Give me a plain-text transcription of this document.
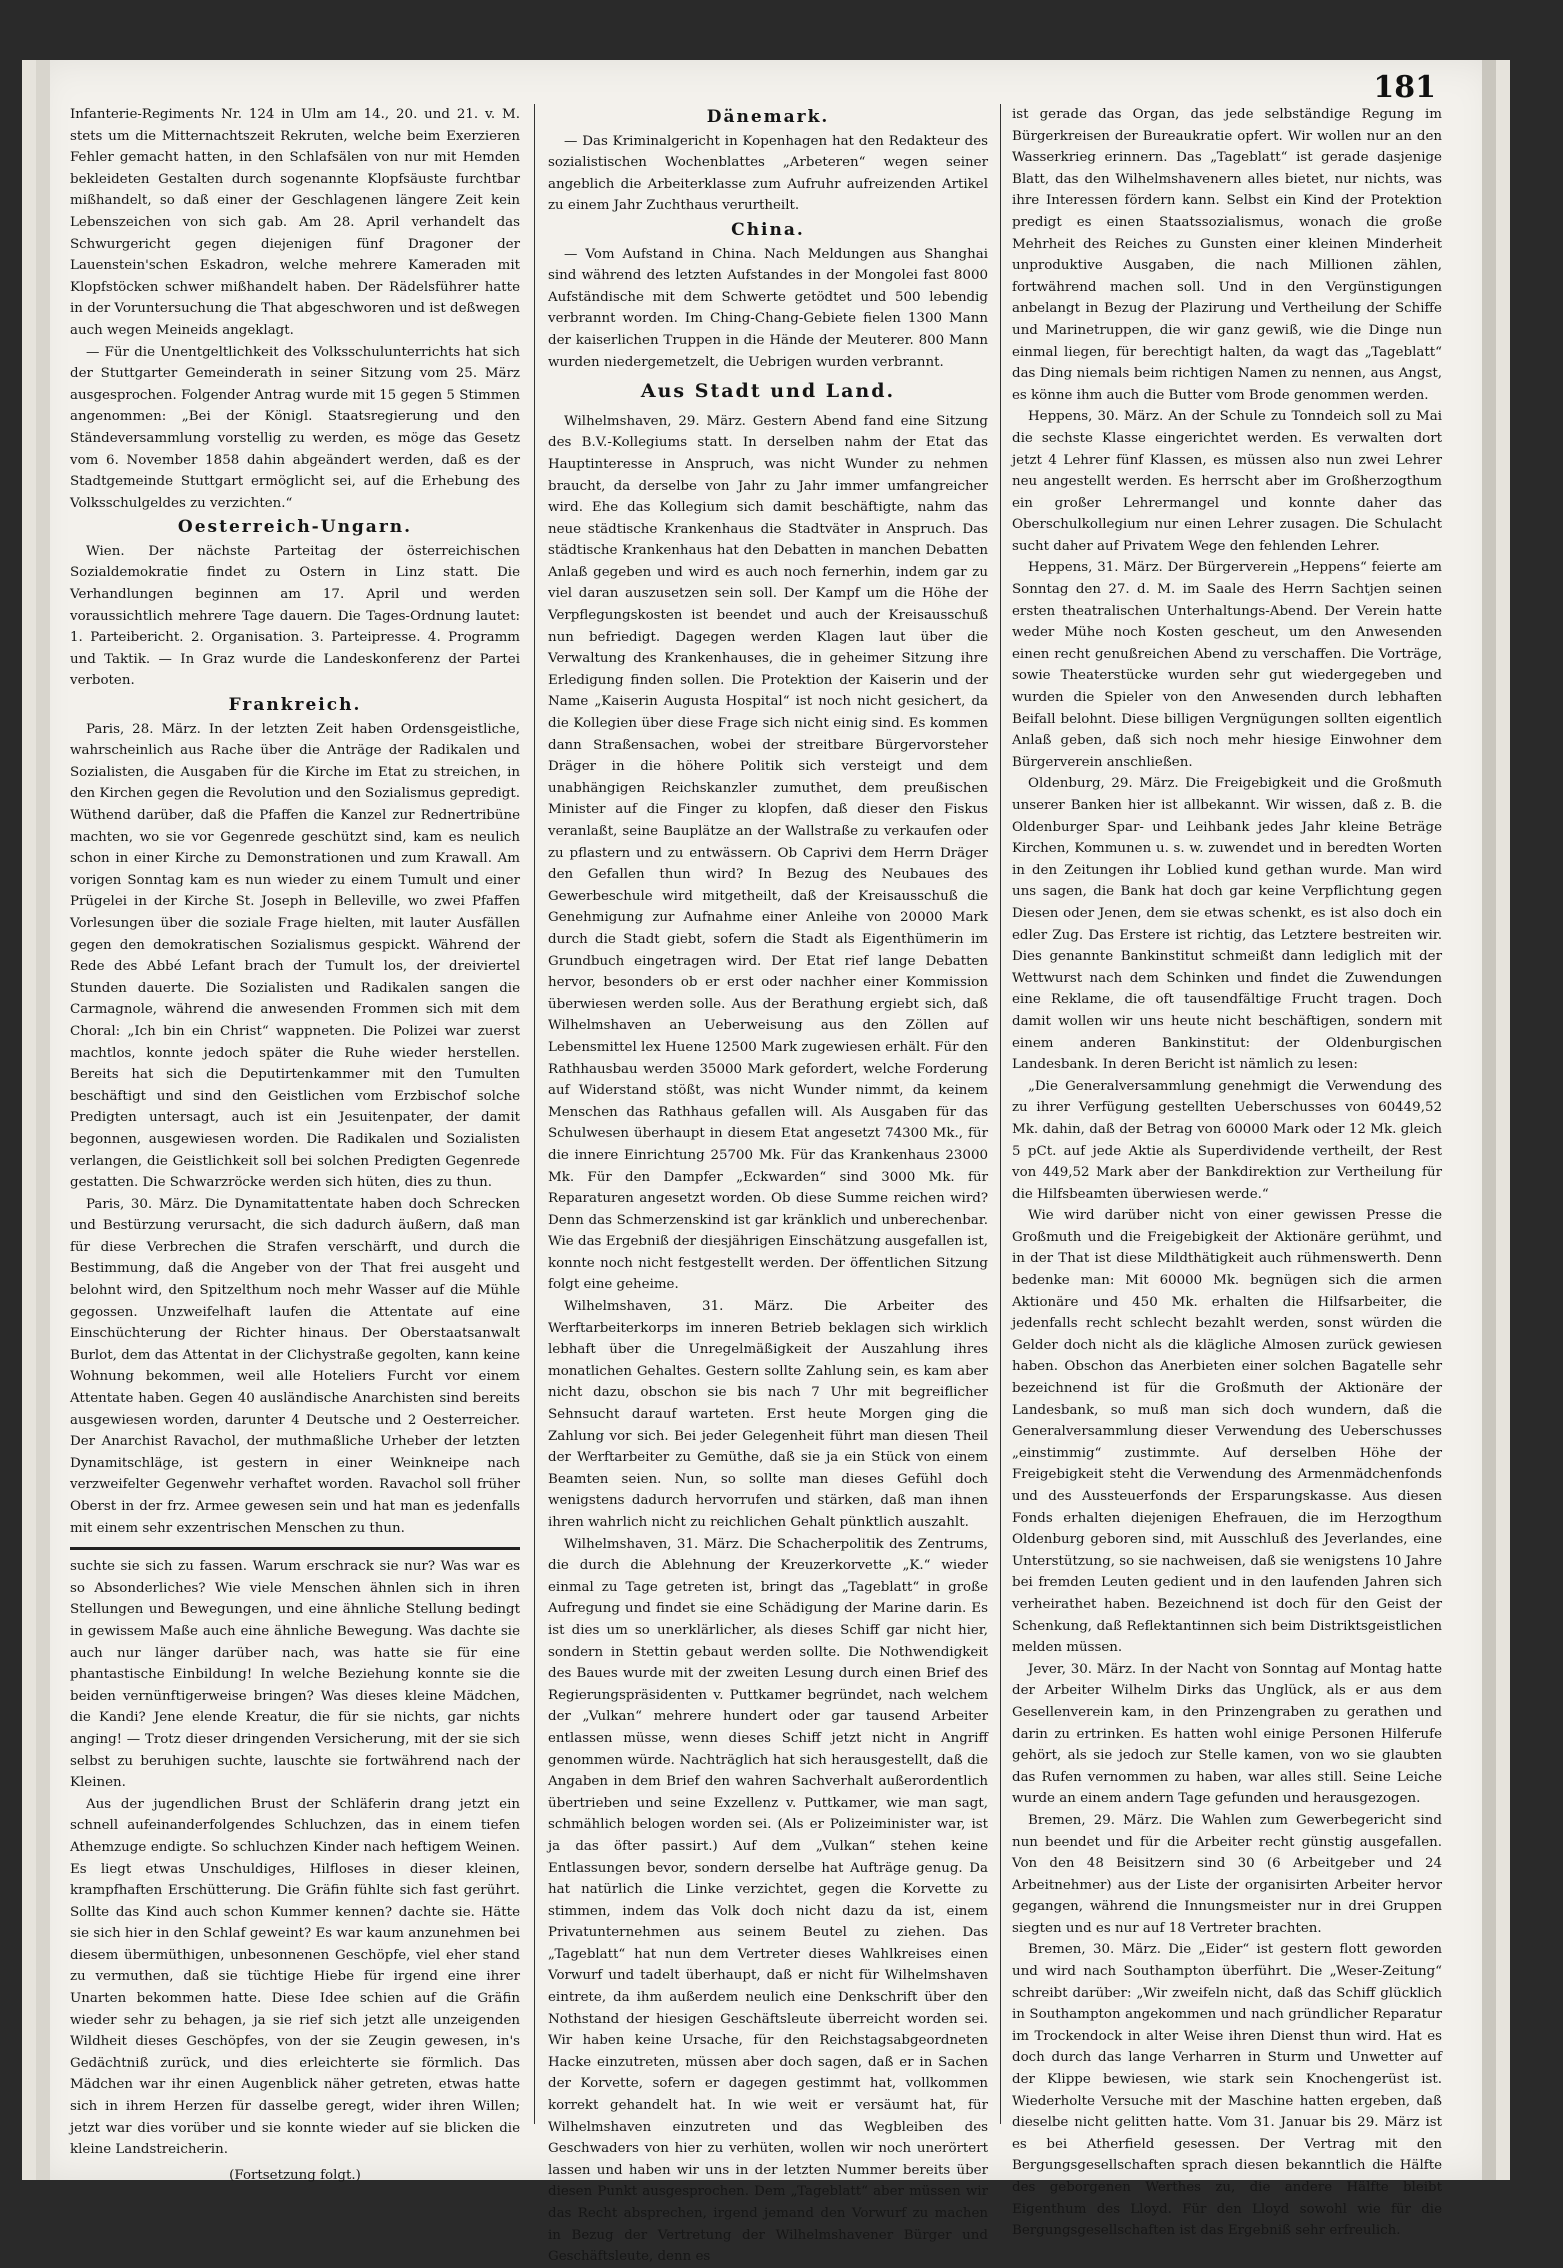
181

Infanterie-Regiments Nr. 124 in Ulm am 14., 20. und 21. v. M. stets um die Mitternachtszeit Rekruten, welche beim Exerzieren Fehler gemacht hatten, in den Schlafsälen von nur mit Hemden bekleideten Gestalten durch sogenannte Klopfsäuste furchtbar mißhandelt, so daß einer der Geschlagenen längere Zeit kein Lebenszeichen von sich gab. Am 28. April verhandelt das Schwurgericht gegen diejenigen fünf Dragoner der Lauenstein'schen Eskadron, welche mehrere Kameraden mit Klopfstöcken schwer mißhandelt haben. Der Rädelsführer hatte in der Voruntersuchung die That abgeschworen und ist deßwegen auch wegen Meineids angeklagt.

— Für die Unentgeltlichkeit des Volksschulunterrichts hat sich der Stuttgarter Gemeinderath in seiner Sitzung vom 25. März ausgesprochen. Folgender Antrag wurde mit 15 gegen 5 Stimmen angenommen: „Bei der Königl. Staatsregierung und den Ständeversammlung vorstellig zu werden, es möge das Gesetz vom 6. November 1858 dahin abgeändert werden, daß es der Stadtgemeinde Stuttgart ermöglicht sei, auf die Erhebung des Volksschulgeldes zu verzichten.“

Oesterreich-Ungarn.

Wien. Der nächste Parteitag der österreichischen Sozialdemokratie findet zu Ostern in Linz statt. Die Verhandlungen beginnen am 17. April und werden voraussichtlich mehrere Tage dauern. Die Tages-Ordnung lautet: 1. Parteibericht. 2. Organisation. 3. Parteipresse. 4. Programm und Taktik. — In Graz wurde die Landeskonferenz der Partei verboten.

Frankreich.

Paris, 28. März. In der letzten Zeit haben Ordensgeistliche, wahrscheinlich aus Rache über die Anträge der Radikalen und Sozialisten, die Ausgaben für die Kirche im Etat zu streichen, in den Kirchen gegen die Revolution und den Sozialismus gepredigt. Wüthend darüber, daß die Pfaffen die Kanzel zur Rednertribüne machten, wo sie vor Gegenrede geschützt sind, kam es neulich schon in einer Kirche zu Demonstrationen und zum Krawall. Am vorigen Sonntag kam es nun wieder zu einem Tumult und einer Prügelei in der Kirche St. Joseph in Belleville, wo zwei Pfaffen Vorlesungen über die soziale Frage hielten, mit lauter Ausfällen gegen den demokratischen Sozialismus gespickt. Während der Rede des Abbé Lefant brach der Tumult los, der dreiviertel Stunden dauerte. Die Sozialisten und Radikalen sangen die Carmagnole, während die anwesenden Frommen sich mit dem Choral: „Ich bin ein Christ“ wappneten. Die Polizei war zuerst machtlos, konnte jedoch später die Ruhe wieder herstellen. Bereits hat sich die Deputirtenkammer mit den Tumulten beschäftigt und sind den Geistlichen vom Erzbischof solche Predigten untersagt, auch ist ein Jesuitenpater, der damit begonnen, ausgewiesen worden. Die Radikalen und Sozialisten verlangen, die Geistlichkeit soll bei solchen Predigten Gegenrede gestatten. Die Schwarzröcke werden sich hüten, dies zu thun.

Paris, 30. März. Die Dynamitattentate haben doch Schrecken und Bestürzung verursacht, die sich dadurch äußern, daß man für diese Verbrechen die Strafen verschärft, und durch die Bestimmung, daß die Angeber von der That frei ausgeht und belohnt wird, den Spitzelthum noch mehr Wasser auf die Mühle gegossen. Unzweifelhaft laufen die Attentate auf eine Einschüchterung der Richter hinaus. Der Oberstaatsanwalt Burlot, dem das Attentat in der Clichystraße gegolten, kann keine Wohnung bekommen, weil alle Hoteliers Furcht vor einem Attentate haben. Gegen 40 ausländische Anarchisten sind bereits ausgewiesen worden, darunter 4 Deutsche und 2 Oesterreicher. Der Anarchist Ravachol, der muthmaßliche Urheber der letzten Dynamitschläge, ist gestern in einer Weinkneipe nach verzweifelter Gegenwehr verhaftet worden. Ravachol soll früher Oberst in der frz. Armee gewesen sein und hat man es jedenfalls mit einem sehr exzentrischen Menschen zu thun.

suchte sie sich zu fassen. Warum erschrack sie nur? Was war es so Absonderliches? Wie viele Menschen ähnlen sich in ihren Stellungen und Bewegungen, und eine ähnliche Stellung bedingt in gewissem Maße auch eine ähnliche Bewegung. Was dachte sie auch nur länger darüber nach, was hatte sie für eine phantastische Einbildung! In welche Beziehung konnte sie die beiden vernünftigerweise bringen? Was dieses kleine Mädchen, die Kandi? Jene elende Kreatur, die für sie nichts, gar nichts anging! — Trotz dieser dringenden Versicherung, mit der sie sich selbst zu beruhigen suchte, lauschte sie fortwährend nach der Kleinen.

Aus der jugendlichen Brust der Schläferin drang jetzt ein schnell aufeinanderfolgendes Schluchzen, das in einem tiefen Athemzuge endigte. So schluchzen Kinder nach heftigem Weinen. Es liegt etwas Unschuldiges, Hilfloses in dieser kleinen, krampfhaften Erschütterung. Die Gräfin fühlte sich fast gerührt. Sollte das Kind auch schon Kummer kennen? dachte sie. Hätte sie sich hier in den Schlaf geweint? Es war kaum anzunehmen bei diesem übermüthigen, unbesonnenen Geschöpfe, viel eher stand zu vermuthen, daß sie tüchtige Hiebe für irgend eine ihrer Unarten bekommen hatte. Diese Idee schien auf die Gräfin wieder sehr zu behagen, ja sie rief sich jetzt alle unzeigenden Wildheit dieses Geschöpfes, von der sie Zeugin gewesen, in's Gedächtniß zurück, und dies erleichterte sie förmlich. Das Mädchen war ihr einen Augenblick näher getreten, etwas hatte sich in ihrem Herzen für dasselbe geregt, wider ihren Willen; jetzt war dies vorüber und sie konnte wieder auf sie blicken die kleine Landstreicherin.

(Fortsetzung folgt.)
Dänemark.

— Das Kriminalgericht in Kopenhagen hat den Redakteur des sozialistischen Wochenblattes „Arbeteren“ wegen seiner angeblich die Arbeiterklasse zum Aufruhr aufreizenden Artikel zu einem Jahr Zuchthaus verurtheilt.

China.

— Vom Aufstand in China. Nach Meldungen aus Shanghai sind während des letzten Aufstandes in der Mongolei fast 8000 Aufständische mit dem Schwerte getödtet und 500 lebendig verbrannt worden. Im Ching-Chang-Gebiete fielen 1300 Mann der kaiserlichen Truppen in die Hände der Meuterer. 800 Mann wurden niedergemetzelt, die Uebrigen wurden verbrannt.

Aus Stadt und Land.

Wilhelmshaven, 29. März. Gestern Abend fand eine Sitzung des B.V.-Kollegiums statt. In derselben nahm der Etat das Hauptinteresse in Anspruch, was nicht Wunder zu nehmen braucht, da derselbe von Jahr zu Jahr immer umfangreicher wird. Ehe das Kollegium sich damit beschäftigte, nahm das neue städtische Krankenhaus die Stadtväter in Anspruch. Das städtische Krankenhaus hat den Debatten in manchen Debatten Anlaß gegeben und wird es auch noch fernerhin, indem gar zu viel daran auszusetzen sein soll. Der Kampf um die Höhe der Verpflegungskosten ist beendet und auch der Kreisausschuß nun befriedigt. Dagegen werden Klagen laut über die Verwaltung des Krankenhauses, die in geheimer Sitzung ihre Erledigung finden sollen. Die Protektion der Kaiserin und der Name „Kaiserin Augusta Hospital“ ist noch nicht gesichert, da die Kollegien über diese Frage sich nicht einig sind. Es kommen dann Straßensachen, wobei der streitbare Bürgervorsteher Dräger in die höhere Politik sich versteigt und dem unabhängigen Reichskanzler zumuthet, dem preußischen Minister auf die Finger zu klopfen, daß dieser den Fiskus veranlaßt, seine Bauplätze an der Wallstraße zu verkaufen oder zu pflastern und zu entwässern. Ob Caprivi dem Herrn Dräger den Gefallen thun wird? In Bezug des Neubaues des Gewerbeschule wird mitgetheilt, daß der Kreisausschuß die Genehmigung zur Aufnahme einer Anleihe von 20000 Mark durch die Stadt giebt, sofern die Stadt als Eigenthümerin im Grundbuch eingetragen wird. Der Etat rief lange Debatten hervor, besonders ob er erst oder nachher einer Kommission überwiesen werden solle. Aus der Berathung ergiebt sich, daß Wilhelmshaven an Ueberweisung aus den Zöllen auf Lebensmittel lex Huene 12500 Mark zugewiesen erhält. Für den Rathhausbau werden 35000 Mark gefordert, welche Forderung auf Widerstand stößt, was nicht Wunder nimmt, da keinem Menschen das Rathhaus gefallen will. Als Ausgaben für das Schulwesen überhaupt in diesem Etat angesetzt 74300 Mk., für die innere Einrichtung 25700 Mk. Für das Krankenhaus 23000 Mk. Für den Dampfer „Eckwarden“ sind 3000 Mk. für Reparaturen angesetzt worden. Ob diese Summe reichen wird? Denn das Schmerzenskind ist gar kränklich und unberechenbar. Wie das Ergebniß der diesjährigen Einschätzung ausgefallen ist, konnte noch nicht festgestellt werden. Der öffentlichen Sitzung folgt eine geheime.

Wilhelmshaven, 31. März. Die Arbeiter des Werftarbeiterkorps im inneren Betrieb beklagen sich wirklich lebhaft über die Unregelmäßigkeit der Auszahlung ihres monatlichen Gehaltes. Gestern sollte Zahlung sein, es kam aber nicht dazu, obschon sie bis nach 7 Uhr mit begreiflicher Sehnsucht darauf warteten. Erst heute Morgen ging die Zahlung vor sich. Bei jeder Gelegenheit führt man diesen Theil der Werftarbeiter zu Gemüthe, daß sie ja ein Stück von einem Beamten seien. Nun, so sollte man dieses Gefühl doch wenigstens dadurch hervorrufen und stärken, daß man ihnen ihren wahrlich nicht zu reichlichen Gehalt pünktlich auszahlt.

Wilhelmshaven, 31. März. Die Schacherpolitik des Zentrums, die durch die Ablehnung der Kreuzerkorvette „K.“ wieder einmal zu Tage getreten ist, bringt das „Tageblatt“ in große Aufregung und findet sie eine Schädigung der Marine darin. Es ist dies um so unerklärlicher, als dieses Schiff gar nicht hier, sondern in Stettin gebaut werden sollte. Die Nothwendigkeit des Baues wurde mit der zweiten Lesung durch einen Brief des Regierungspräsidenten v. Puttkamer begründet, nach welchem der „Vulkan“ mehrere hundert oder gar tausend Arbeiter entlassen müsse, wenn dieses Schiff jetzt nicht in Angriff genommen würde. Nachträglich hat sich herausgestellt, daß die Angaben in dem Brief den wahren Sachverhalt außerordentlich übertrieben und seine Exzellenz v. Puttkamer, wie man sagt, schmählich belogen worden sei. (Als er Polizeiminister war, ist ja das öfter passirt.) Auf dem „Vulkan“ stehen keine Entlassungen bevor, sondern derselbe hat Aufträge genug. Da hat natürlich die Linke verzichtet, gegen die Korvette zu stimmen, indem das Volk doch nicht dazu da ist, einem Privatunternehmen aus seinem Beutel zu ziehen. Das „Tageblatt“ hat nun dem Vertreter dieses Wahlkreises einen Vorwurf und tadelt überhaupt, daß er nicht für Wilhelmshaven eintrete, da ihm außerdem neulich eine Denkschrift über den Nothstand der hiesigen Geschäftsleute überreicht worden sei. Wir haben keine Ursache, für den Reichstagsabgeordneten Hacke einzutreten, müssen aber doch sagen, daß er in Sachen der Korvette, sofern er dagegen gestimmt hat, vollkommen korrekt gehandelt hat. In wie weit er versäumt hat, für Wilhelmshaven einzutreten und das Wegbleiben des Geschwaders von hier zu verhüten, wollen wir noch unerörtert lassen und haben wir uns in der letzten Nummer bereits über diesen Punkt ausgesprochen. Dem „Tageblatt“ aber müssen wir das Recht absprechen, irgend jemand den Vorwurf zu machen in Bezug der Vertretung der Wilhelmshavener Bürger und Geschäftsleute, denn es

ist gerade das Organ, das jede selbständige Regung im Bürgerkreisen der Bureaukratie opfert. Wir wollen nur an den Wasserkrieg erinnern. Das „Tageblatt“ ist gerade dasjenige Blatt, das den Wilhelmshavenern alles bietet, nur nichts, was ihre Interessen fördern kann. Selbst ein Kind der Protektion predigt es einen Staatssozialismus, wonach die große Mehrheit des Reiches zu Gunsten einer kleinen Minderheit unproduktive Ausgaben, die nach Millionen zählen, fortwährend machen soll. Und in den Vergünstigungen anbelangt in Bezug der Plazirung und Vertheilung der Schiffe und Marinetruppen, die wir ganz gewiß, wie die Dinge nun einmal liegen, für berechtigt halten, da wagt das „Tageblatt“ das Ding niemals beim richtigen Namen zu nennen, aus Angst, es könne ihm auch die Butter vom Brode genommen werden.

Heppens, 30. März. An der Schule zu Tonndeich soll zu Mai die sechste Klasse eingerichtet werden. Es verwalten dort jetzt 4 Lehrer fünf Klassen, es müssen also nun zwei Lehrer neu angestellt werden. Es herrscht aber im Großherzogthum ein großer Lehrermangel und konnte daher das Oberschulkollegium nur einen Lehrer zusagen. Die Schulacht sucht daher auf Privatem Wege den fehlenden Lehrer.

Heppens, 31. März. Der Bürgerverein „Heppens“ feierte am Sonntag den 27. d. M. im Saale des Herrn Sachtjen seinen ersten theatralischen Unterhaltungs-Abend. Der Verein hatte weder Mühe noch Kosten gescheut, um den Anwesenden einen recht genußreichen Abend zu verschaffen. Die Vorträge, sowie Theaterstücke wurden sehr gut wiedergegeben und wurden die Spieler von den Anwesenden durch lebhaften Beifall belohnt. Diese billigen Vergnügungen sollten eigentlich Anlaß geben, daß sich noch mehr hiesige Einwohner dem Bürgerverein anschließen.

Oldenburg, 29. März. Die Freigebigkeit und die Großmuth unserer Banken hier ist allbekannt. Wir wissen, daß z. B. die Oldenburger Spar- und Leihbank jedes Jahr kleine Beträge Kirchen, Kommunen u. s. w. zuwendet und in beredten Worten in den Zeitungen ihr Loblied kund gethan wurde. Man wird uns sagen, die Bank hat doch gar keine Verpflichtung gegen Diesen oder Jenen, dem sie etwas schenkt, es ist also doch ein edler Zug. Das Erstere ist richtig, das Letztere bestreiten wir. Dies genannte Bankinstitut schmeißt dann lediglich mit der Wettwurst nach dem Schinken und findet die Zuwendungen eine Reklame, die oft tausendfältige Frucht tragen. Doch damit wollen wir uns heute nicht beschäftigen, sondern mit einem anderen Bankinstitut: der Oldenburgischen Landesbank. In deren Bericht ist nämlich zu lesen:

„Die Generalversammlung genehmigt die Verwendung des zu ihrer Verfügung gestellten Ueberschusses von 60449,52 Mk. dahin, daß der Betrag von 60000 Mark oder 12 Mk. gleich 5 pCt. auf jede Aktie als Superdividende vertheilt, der Rest von 449,52 Mark aber der Bankdirektion zur Vertheilung für die Hilfsbeamten überwiesen werde.“

Wie wird darüber nicht von einer gewissen Presse die Großmuth und die Freigebigkeit der Aktionäre gerühmt, und in der That ist diese Mildthätigkeit auch rühmenswerth. Denn bedenke man: Mit 60000 Mk. begnügen sich die armen Aktionäre und 450 Mk. erhalten die Hilfsarbeiter, die jedenfalls recht schlecht bezahlt werden, sonst würden die Gelder doch nicht als die klägliche Almosen zurück gewiesen haben. Obschon das Anerbieten einer solchen Bagatelle sehr bezeichnend ist für die Großmuth der Aktionäre der Landesbank, so muß man sich doch wundern, daß die Generalversammlung dieser Verwendung des Ueberschusses „einstimmig“ zustimmte. Auf derselben Höhe der Freigebigkeit steht die Verwendung des Armenmädchenfonds und des Aussteuerfonds der Ersparungskasse. Aus diesen Fonds erhalten diejenigen Ehefrauen, die im Herzogthum Oldenburg geboren sind, mit Ausschluß des Jeverlandes, eine Unterstützung, so sie nachweisen, daß sie wenigstens 10 Jahre bei fremden Leuten gedient und in den laufenden Jahren sich verheirathet haben. Bezeichnend ist doch für den Geist der Schenkung, daß Reflektantinnen sich beim Distriktsgeistlichen melden müssen.

Jever, 30. März. In der Nacht von Sonntag auf Montag hatte der Arbeiter Wilhelm Dirks das Unglück, als er aus dem Gesellenverein kam, in den Prinzengraben zu gerathen und darin zu ertrinken. Es hatten wohl einige Personen Hilferufe gehört, als sie jedoch zur Stelle kamen, von wo sie glaubten das Rufen vernommen zu haben, war alles still. Seine Leiche wurde an einem andern Tage gefunden und herausgezogen.

Bremen, 29. März. Die Wahlen zum Gewerbegericht sind nun beendet und für die Arbeiter recht günstig ausgefallen. Von den 48 Beisitzern sind 30 (6 Arbeitgeber und 24 Arbeitnehmer) aus der Liste der organisirten Arbeiter hervor gegangen, während die Innungsmeister nur in drei Gruppen siegten und es nur auf 18 Vertreter brachten.

Bremen, 30. März. Die „Eider“ ist gestern flott geworden und wird nach Southampton überführt. Die „Weser-Zeitung“ schreibt darüber: „Wir zweifeln nicht, daß das Schiff glücklich in Southampton angekommen und nach gründlicher Reparatur im Trockendock in alter Weise ihren Dienst thun wird. Hat es doch durch das lange Verharren in Sturm und Unwetter auf der Klippe bewiesen, wie stark sein Knochengerüst ist. Wiederholte Versuche mit der Maschine hatten ergeben, daß dieselbe nicht gelitten hatte. Vom 31. Januar bis 29. März ist es bei Atherfield gesessen. Der Vertrag mit den Bergungsgesellschaften sprach diesen bekanntlich die Hälfte des geborgenen Werthes zu, die andere Hälfte bleibt Eigenthum des Lloyd. Für den Lloyd sowohl wie für die Bergungsgesellschaften ist das Ergebniß sehr erfreulich.
